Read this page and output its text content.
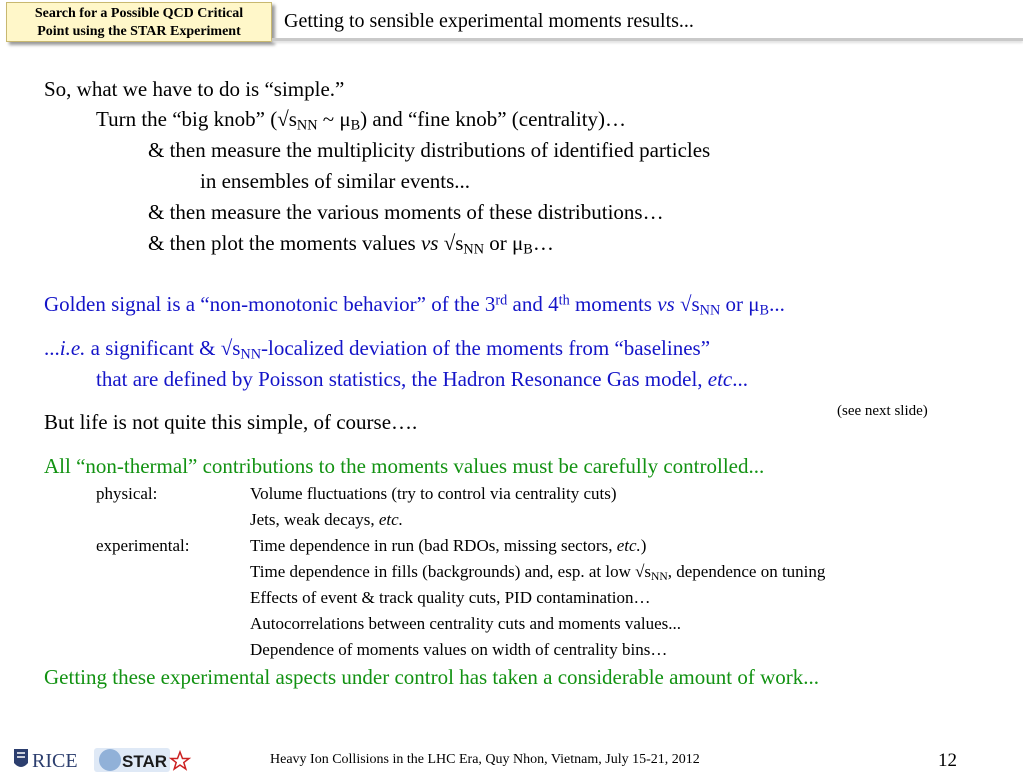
Search for a Possible QCD Critical
Point using the STAR Experiment	Getting to sensible experimental moments results...
So, what we have to do is “simple.”
Turn the “big knob” ($√s_{NN}$ ~ $\mu_B$) and “fine knob” (centrality)…
& then measure the multiplicity distributions of identified particles
in ensembles of similar events...
& then measure the various moments of these distributions…
& then plot the moments values vs $√s_{NN}$ or $\mu_B\dots$
Golden signal is a “non-monotonic behavior” of the 3rd and 4th moments vs $√s_{NN}$ or $\mu_B$...
...i.e. a significant & $√s_{NN}$-localized deviation of the moments from “baselines”
that are defined by Poisson statistics, the Hadron Resonance Gas model, etc...
(see next slide)
But life is not quite this simple, of course….
All “non-thermal” contributions to the moments values must be carefully controlled...
physical:	Volume fluctuations (try to control via centrality cuts)
Jets, weak decays, etc.
experimental:	Time dependence in run (bad RDOs, missing sectors, etc.)
Time dependence in fills (backgrounds) and, esp. at low $√s_{NN}$, dependence on tuning
Effects of event & track quality cuts, PID contamination…
Autocorrelations between centrality cuts and moments values...
Dependence of moments values on width of centrality bins…
Getting these experimental aspects under control has taken a considerable amount of work...
RICE	STAR	Heavy Ion Collisions in the LHC Era, Quy Nhon, Vietnam, July 15-21, 2012	12
